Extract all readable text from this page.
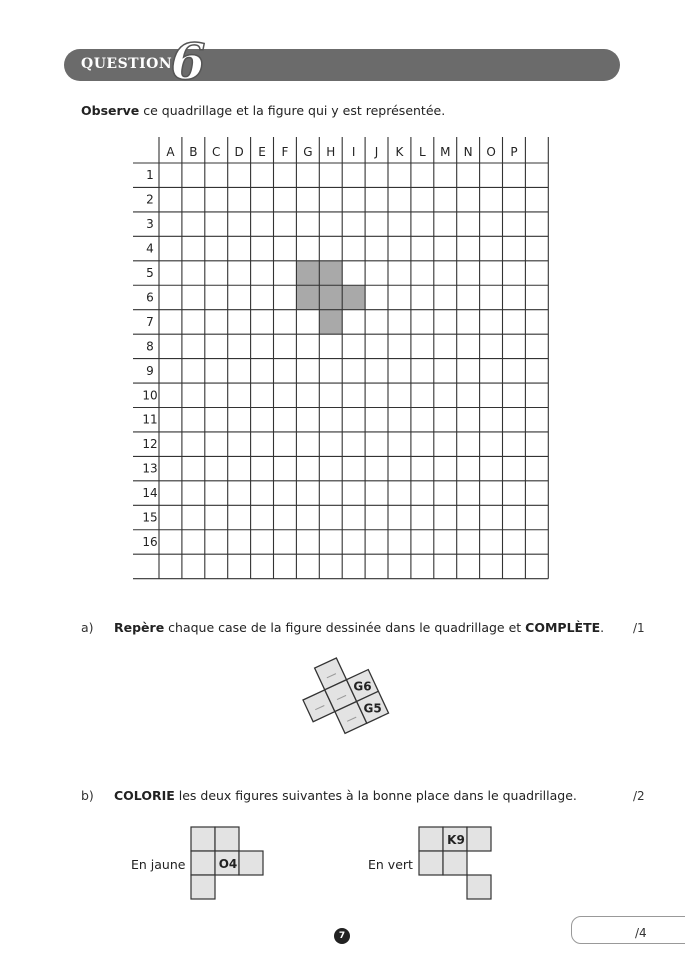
QUESTION
6
Observe ce quadrillage et la figure qui y est représentée.
A B C D E F G H I J K L M N O P
1
2
3
4
5
6
7
8
9
10
11
12
13
14
15
16
a) Repère chaque case de la figure dessinée dans le quadrillage et COMPLÈTE. /1
G6
G5
b) COLORIE les deux figures suivantes à la bonne place dans le quadrillage.	/2
En jaune	O4	En vert
K9
7	/4
